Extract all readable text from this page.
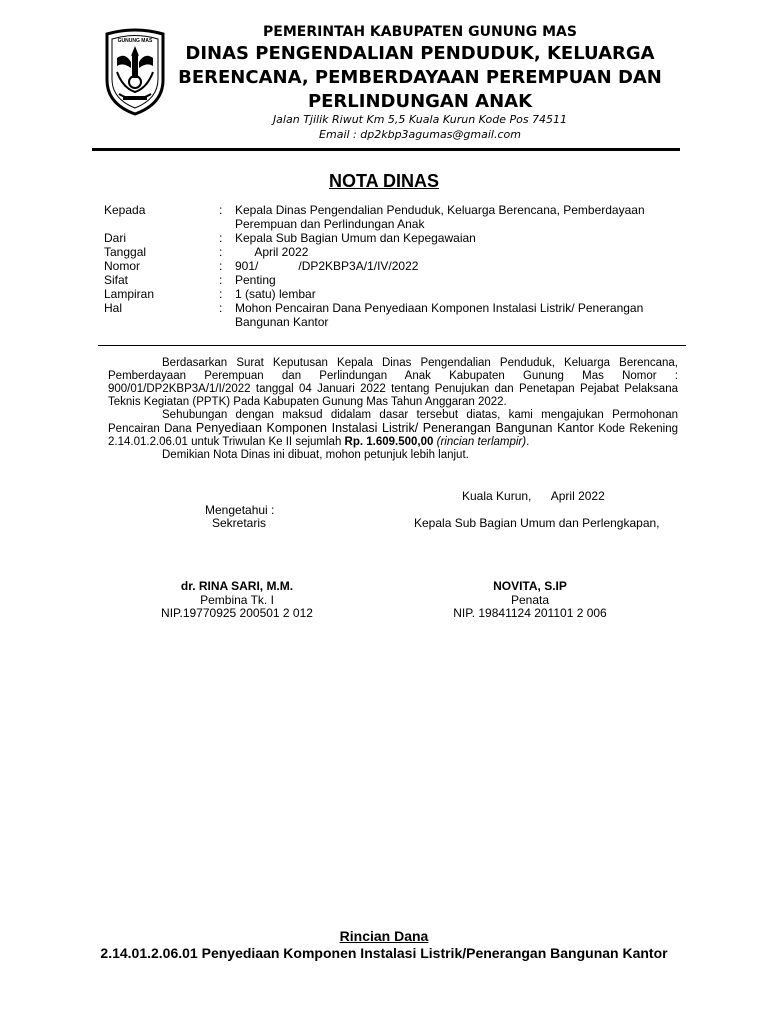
GUNUNG MAS
PEMERINTAH KABUPATEN GUNUNG MAS
DINAS PENGENDALIAN PENDUDUK, KELUARGA BERENCANA, PEMBERDAYAAN PEREMPUAN DAN PERLINDUNGAN ANAK
Jalan Tjilik Riwut Km 5,5 Kuala Kurun Kode Pos 74511
Email : dp2kbp3agumas@gmail.com
NOTA DINAS
Kepada	:	Kepala Dinas Pengendalian Penduduk, Keluarga Berencana, Pemberdayaan Perempuan dan Perlindungan Anak
Dari	:	Kepala Sub Bagian Umum dan Kepegawaian
Tanggal	:	April 2022
Nomor	:	901/            /DP2KBP3A/1/IV/2022
Sifat	:	Penting
Lampiran	:	1 (satu) lembar
Hal	:	Mohon Pencairan Dana Penyediaan Komponen Instalasi Listrik/ Penerangan Bangunan Kantor

Berdasarkan Surat Keputusan Kepala Dinas Pengendalian Penduduk, Keluarga Berencana, Pemberdayaan Perempuan dan Perlindungan Anak Kabupaten Gunung Mas Nomor : 900/01/DP2KBP3A/1/I/2022 tanggal 04 Januari 2022 tentang Penujukan dan Penetapan Pejabat Pelaksana Teknis Kegiatan (PPTK) Pada Kabupaten Gunung Mas Tahun Anggaran 2022.

Sehubungan dengan maksud didalam dasar tersebut diatas, kami mengajukan Permohonan Pencairan Dana Penyediaan Komponen Instalasi Listrik/ Penerangan Bangunan Kantor Kode Rekening 2.14.01.2.06.01 untuk Triwulan Ke II sejumlah Rp. 1.609.500,00 (rincian terlampir).

Demikian Nota Dinas ini dibuat, mohon petunjuk lebih lanjut.

Kuala Kurun,      April 2022
Mengetahui :
Sekretaris	Kepala Sub Bagian Umum dan Perlengkapan,
dr. RINA SARI, M.M.
Pembina Tk. I
NIP.19770925 200501 2 012
NOVITA, S.IP
Penata
NIP. 19841124 201101 2 006
Rincian Dana
2.14.01.2.06.01 Penyediaan Komponen Instalasi Listrik/Penerangan Bangunan Kantor
